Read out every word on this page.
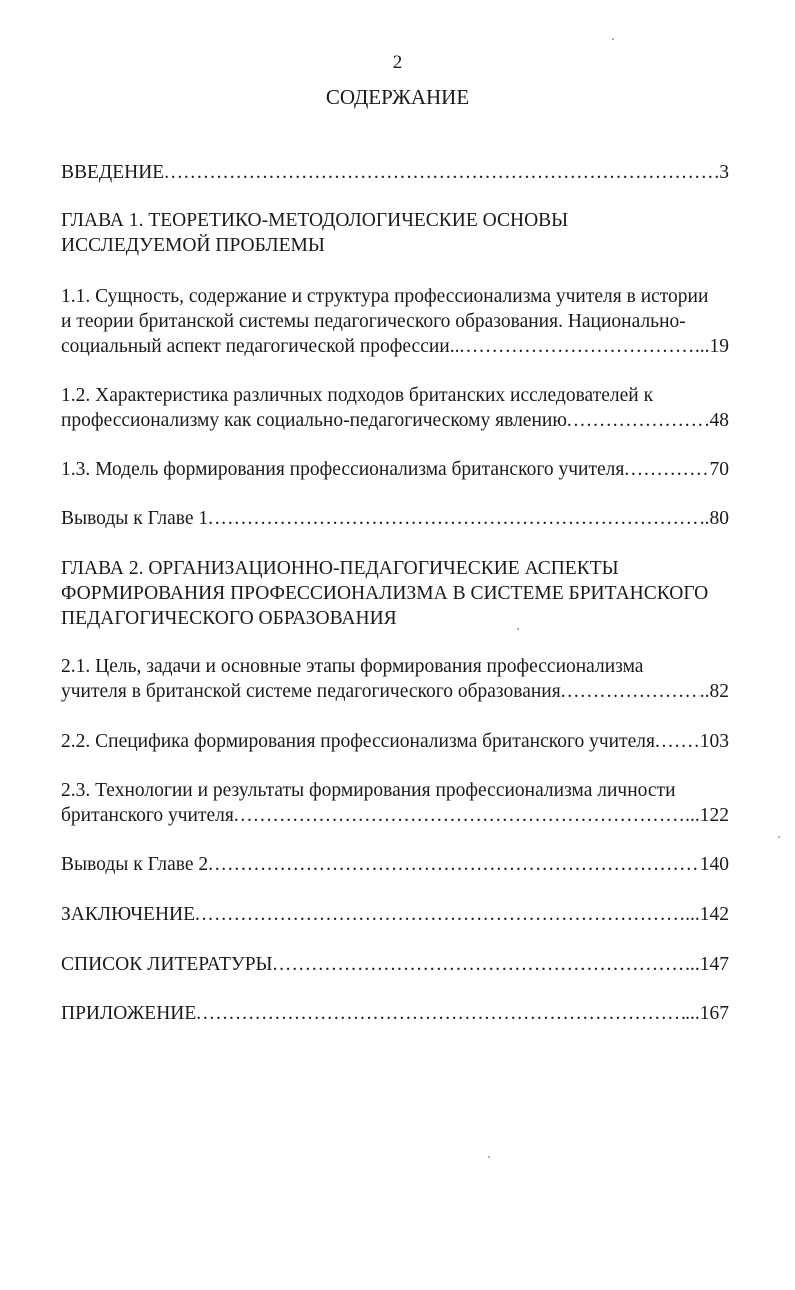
2
СОДЕРЖАНИЕ
ВВЕДЕНИЕ . . .	.3
ГЛАВА 1. ТЕОРЕТИКО-МЕТОДОЛОГИЧЕСКИЕ ОСНОВЫ
ИССЛЕДУЕМОЙ ПРОБЛЕМЫ
1.1. Сущность, содержание и структура профессионализма учителя в истории
и теории британской системы педагогического образования. Национально-
социальный аспект педагогической профессии.. . . .	...19
1.2. Характеристика различных подходов британских исследователей к
профессионализму как социально-педагогическому явлению . . .	.48
1.3. Модель формирования профессионализма британского учителя . . .	70
Выводы к Главе 1 . . .	..80
ГЛАВА 2. ОРГАНИЗАЦИОННО-ПЕДАГОГИЧЕСКИЕ АСПЕКТЫ
ФОРМИРОВАНИЯ ПРОФЕССИОНАЛИЗМА В СИСТЕМЕ БРИТАНСКОГО
ПЕДАГОГИЧЕСКОГО ОБРАЗОВАНИЯ
2.1. Цель, задачи и основные этапы формирования профессионализма
учителя в британской системе педагогического образования . . .	..82
2.2. Специфика формирования профессионализма британского учителя . . . 103
2.3. Технологии и результаты формирования профессионализма личности
британского учителя . . .	...122
Выводы к Главе 2 . . .	140
ЗАКЛЮЧЕНИЕ . . .	...142
СПИСОК ЛИТЕРАТУРЫ . . .	...147
ПРИЛОЖЕНИЕ . . .	...167
